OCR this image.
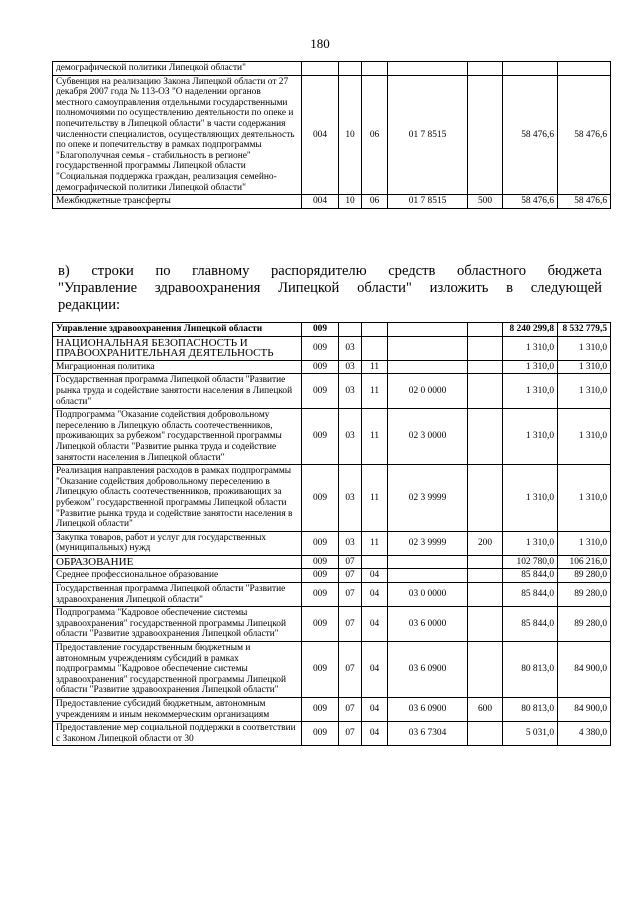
180
демографической политики Липецкой области"							
Субвенция на реализацию Закона Липецкой области от 27 декабря 2007 года № 113-ОЗ "О наделении органов местного самоуправления отдельными государственными полномочиями по осуществлению деятельности по опеке и попечительству в Липецкой области" в части содержания численности специалистов, осуществляющих деятельность по опеке и попечительству в рамках подпрограммы "Благополучная семья - стабильность в регионе" государственной программы Липецкой области "Социальная поддержка граждан, реализация семейно-демографической политики Липецкой области"	004	10	06	01 7 8515		58 476,6	58 476,6
Межбюджетные трансферты	004	10	06	01 7 8515	500	58 476,6	58 476,6
в) строки по главному распорядителю средств областного бюджета
"Управление здравоохранения Липецкой области" изложить в следующей
редакции:
Управление здравоохранения Липецкой области	009					8 240 299,8	8 532 779,5
НАЦИОНАЛЬНАЯ БЕЗОПАСНОСТЬ И ПРАВООХРАНИТЕЛЬНАЯ ДЕЯТЕЛЬНОСТЬ	009	03				1 310,0	1 310,0
Миграционная политика	009	03	11			1 310,0	1 310,0
Государственная программа Липецкой области "Развитие рынка труда и содействие занятости населения в Липецкой области"	009	03	11	02 0 0000		1 310,0	1 310,0
Подпрограмма "Оказание содействия добровольному переселению в Липецкую область соотечественников, проживающих за рубежом" государственной программы Липецкой области "Развитие рынка труда и содействие занятости населения в Липецкой области"	009	03	11	02 3 0000		1 310,0	1 310,0
Реализация направления расходов в рамках подпрограммы "Оказание содействия добровольному переселению в Липецкую область соотечественников, проживающих за рубежом" государственной программы Липецкой области "Развитие рынка труда и содействие занятости населения в Липецкой области"	009	03	11	02 3 9999		1 310,0	1 310,0
Закупка товаров, работ и услуг для государственных (муниципальных) нужд	009	03	11	02 3 9999	200	1 310,0	1 310,0
ОБРАЗОВАНИЕ	009	07				102 780,0	106 216,0
Среднее профессиональное образование	009	07	04			85 844,0	89 280,0
Государственная программа Липецкой области "Развитие здравоохранения Липецкой области"	009	07	04	03 0 0000		85 844,0	89 280,0
Подпрограмма "Кадровое обеспечение системы здравоохранения" государственной программы Липецкой области "Развитие здравоохранения Липецкой области"	009	07	04	03 6 0000		85 844,0	89 280,0
Предоставление государственным бюджетным и автономным учреждениям субсидий в рамках подпрограммы "Кадровое обеспечение системы здравоохранения" государственной программы Липецкой области "Развитие здравоохранения Липецкой области"	009	07	04	03 6 0900		80 813,0	84 900,0
Предоставление субсидий бюджетным, автономным учреждениям и иным некоммерческим организациям	009	07	04	03 6 0900	600	80 813,0	84 900,0
Предоставление мер социальной поддержки в соответствии с Законом Липецкой области от 30	009	07	04	03 6 7304		5 031,0	4 380,0
